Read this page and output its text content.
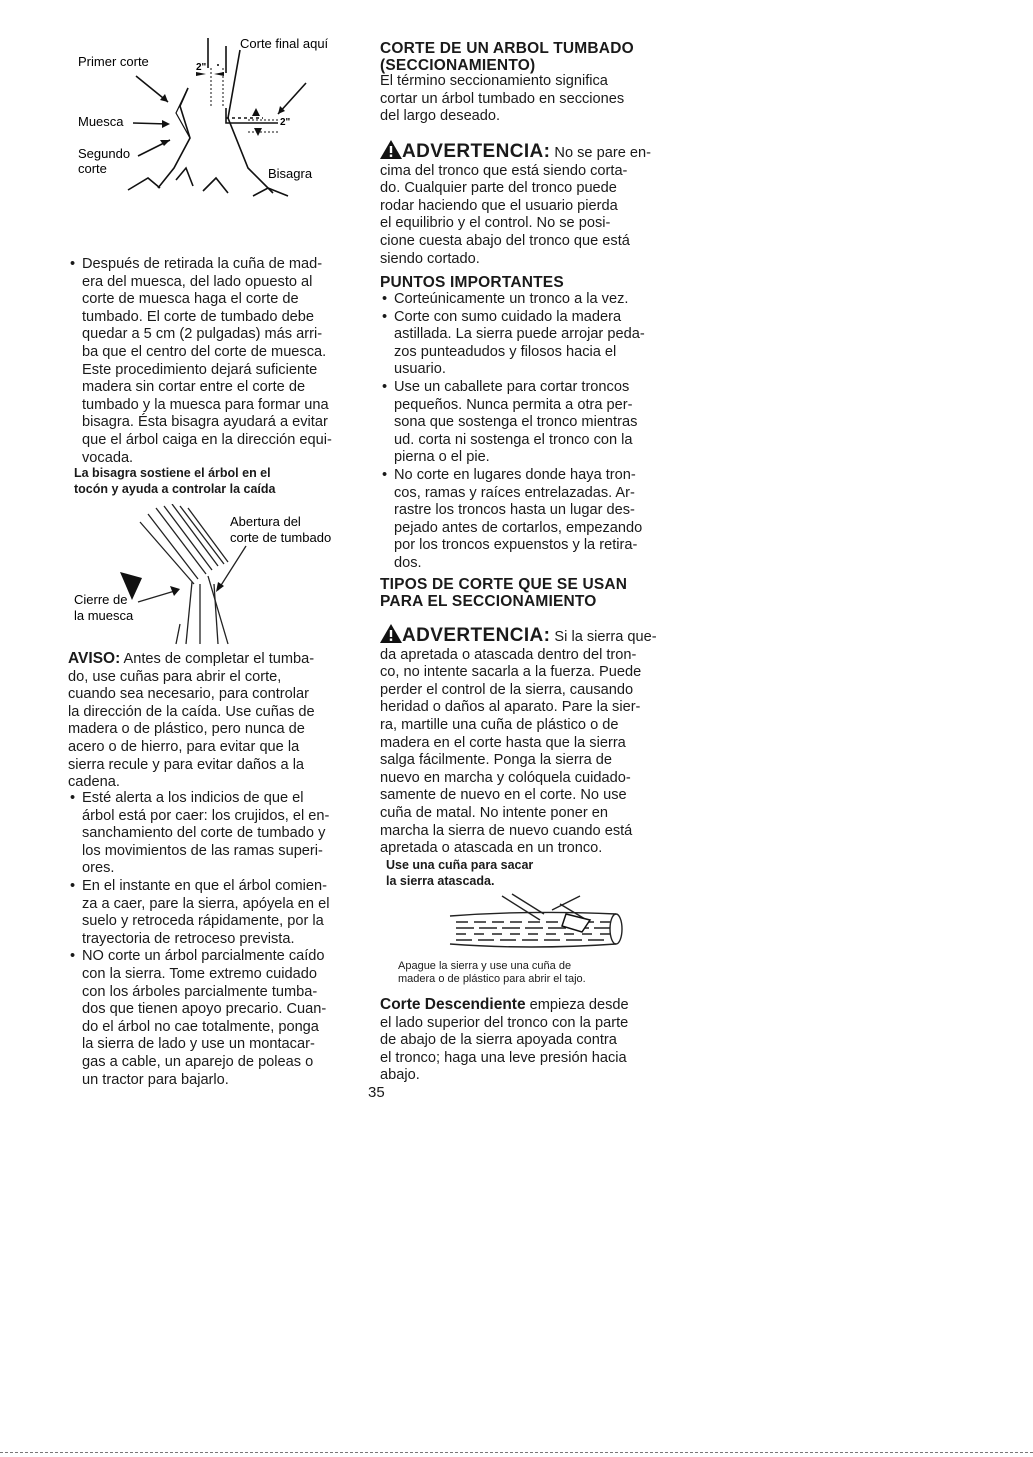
Primer corte
Corte final aquí
Muesca
Segundo
corte	Bisagra
2"
2"
• Después de retirada la cuña de mad-
era del muesca, del lado opuesto al
corte de muesca haga el corte de
tumbado. El corte de tumbado debe
quedar a 5 cm (2 pulgadas) más arri-
ba que el centro del corte de muesca.
Este procedimiento dejará suficiente
madera sin cortar entre el corte de
tumbado y la muesca para formar una
bisagra. Ésta bisagra ayudará a evitar
que el árbol caiga en la dirección equi-
vocada.
La bisagra sostiene el árbol en el
tocón y ayuda a controlar la caída
Abertura del
corte de tumbado
Cierre de
la muesca

AVISO: Antes de completar el tumba-
do, use cuñas para abrir el corte,
cuando sea necesario, para controlar
la dirección de la caída. Use cuñas de
madera o de plástico, pero nunca de
acero o de hierro, para evitar que la
sierra recule y para evitar daños a la
cadena.

• Esté alerta a los indicios de que el
árbol está por caer: los crujidos, el en-
sanchamiento del corte de tumbado y
los movimientos de las ramas superi-
ores.
• En el instante en que el árbol comien-
za a caer, pare la sierra, apóyela en el
suelo y retroceda rápidamente, por la
trayectoria de retroceso prevista.
• NO corte un árbol parcialmente caído
con la sierra. Tome extremo cuidado
con los árboles parcialmente tumba-
dos que tienen apoyo precario. Cuan-
do el árbol no cae totalmente, ponga
la sierra de lado y use un montacar-
gas a cable, un aparejo de poleas o
un tractor para bajarlo.
CORTE DE UN ARBOL TUMBADO
(SECCIONAMIENTO)

El término seccionamiento significa
cortar un árbol tumbado en secciones
del largo deseado.

ADVERTENCIA: No se pare en-

cima del tronco que está siendo corta-
do. Cualquier parte del tronco puede
rodar haciendo que el usuario pierda
el equilibrio y el control. No se posi-
cione cuesta abajo del tronco que está
siendo cortado.

PUNTOS IMPORTANTES
• Corteúnicamente un tronco a la vez.
• Corte con sumo cuidado la madera
astillada. La sierra puede arrojar peda-
zos punteadudos y filosos hacia el
usuario.
• Use un caballete para cortar troncos
pequeños. Nunca permita a otra per-
sona que sostenga el tronco mientras
ud. corta ni sostenga el tronco con la
pierna o el pie.
• No corte en lugares donde haya tron-
cos, ramas y raíces entrelazadas. Ar-
rastre los troncos hasta un lugar des-
pejado antes de cortarlos, empezando
por los troncos expuenstos y la retira-
dos.
TIPOS DE CORTE QUE SE USAN
PARA EL SECCIONAMIENTO
ADVERTENCIA: Si la sierra que-

da apretada o atascada dentro del tron-
co, no intente sacarla a la fuerza. Puede
perder el control de la sierra, causando
heridad o daños al aparato. Pare la sier-
ra, martille una cuña de plástico o de
madera en el corte hasta que la sierra
salga fácilmente. Ponga la sierra de
nuevo en marcha y colóquela cuidado-
samente de nuevo en el corte. No use
cuña de matal. No intente poner en
marcha la sierra de nuevo cuando está
apretada o atascada en un tronco.

Use una cuña para sacar
la sierra atascada.
Apague la sierra y use una cuña de
madera o de plástico para abrir el tajo.

Corte Descendiente empieza desde
el lado superior del tronco con la parte
de abajo de la sierra apoyada contra
el tronco; haga una leve presión hacia
abajo.

35
